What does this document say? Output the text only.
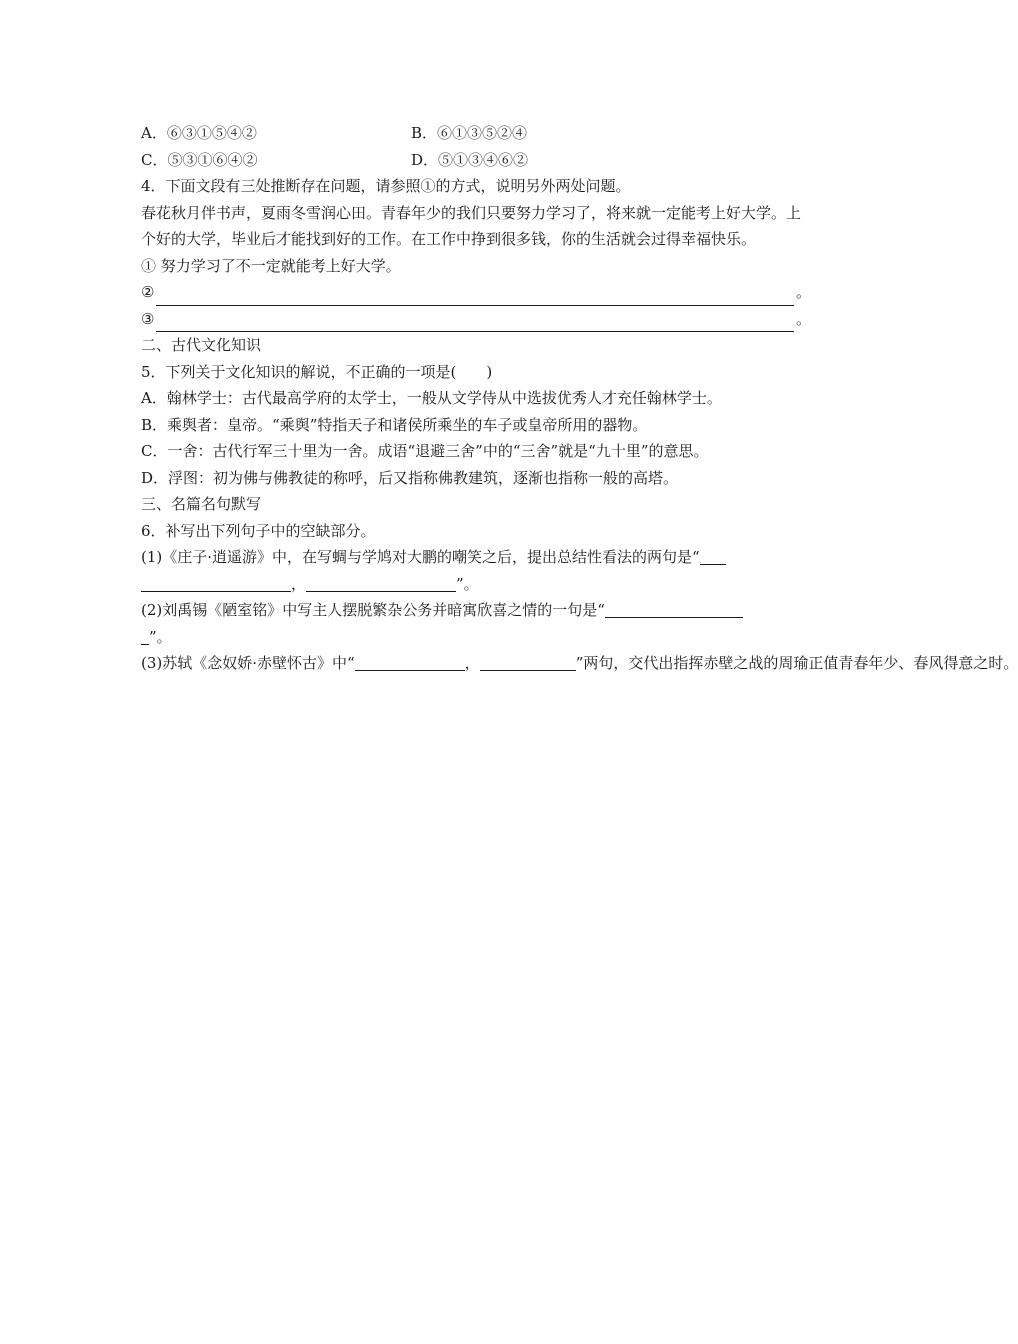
A．⑥③①⑤④②	B．⑥①③⑤②④
C．⑤③①⑥④②	D．⑤①③④⑥②
4．下面文段有三处推断存在问题，请参照①的方式，说明另外两处问题。
春花秋月伴书声，夏雨冬雪润心田。青春年少的我们只要努力学习了，将来就一定能考上好大学。上个好的大学，毕业后才能找到好的工作。在工作中挣到很多钱，你的生活就会过得幸福快乐。
① 努力学习了不一定就能考上好大学。
②	。
③	。
二、古代文化知识
5．下列关于文化知识的解说，不正确的一项是(　　)
A．翰林学士：古代最高学府的太学士，一般从文学侍从中选拔优秀人才充任翰林学士。
B．乘舆者：皇帝。“乘舆”特指天子和诸侯所乘坐的车子或皇帝所用的器物。
C．一舍：古代行军三十里为一舍。成语“退避三舍”中的“三舍”就是“九十里”的意思。
D．浮图：初为佛与佛教徒的称呼，后又指称佛教建筑，逐渐也指称一般的高塔。
三、名篇名句默写
6．补写出下列句子中的空缺部分。
(1)《庄子·逍遥游》中，在写蜩与学鸠对大鹏的嘲笑之后，提出总结性看法的两句是“
，	”。
(2)刘禹锡《陋室铭》中写主人摆脱繁杂公务并暗寓欣喜之情的一句是“
”。
(3)苏轼《念奴娇·赤壁怀古》中“	，	”两句，交代出指挥赤壁之战的周瑜正值青春年少、春风得意之时。
